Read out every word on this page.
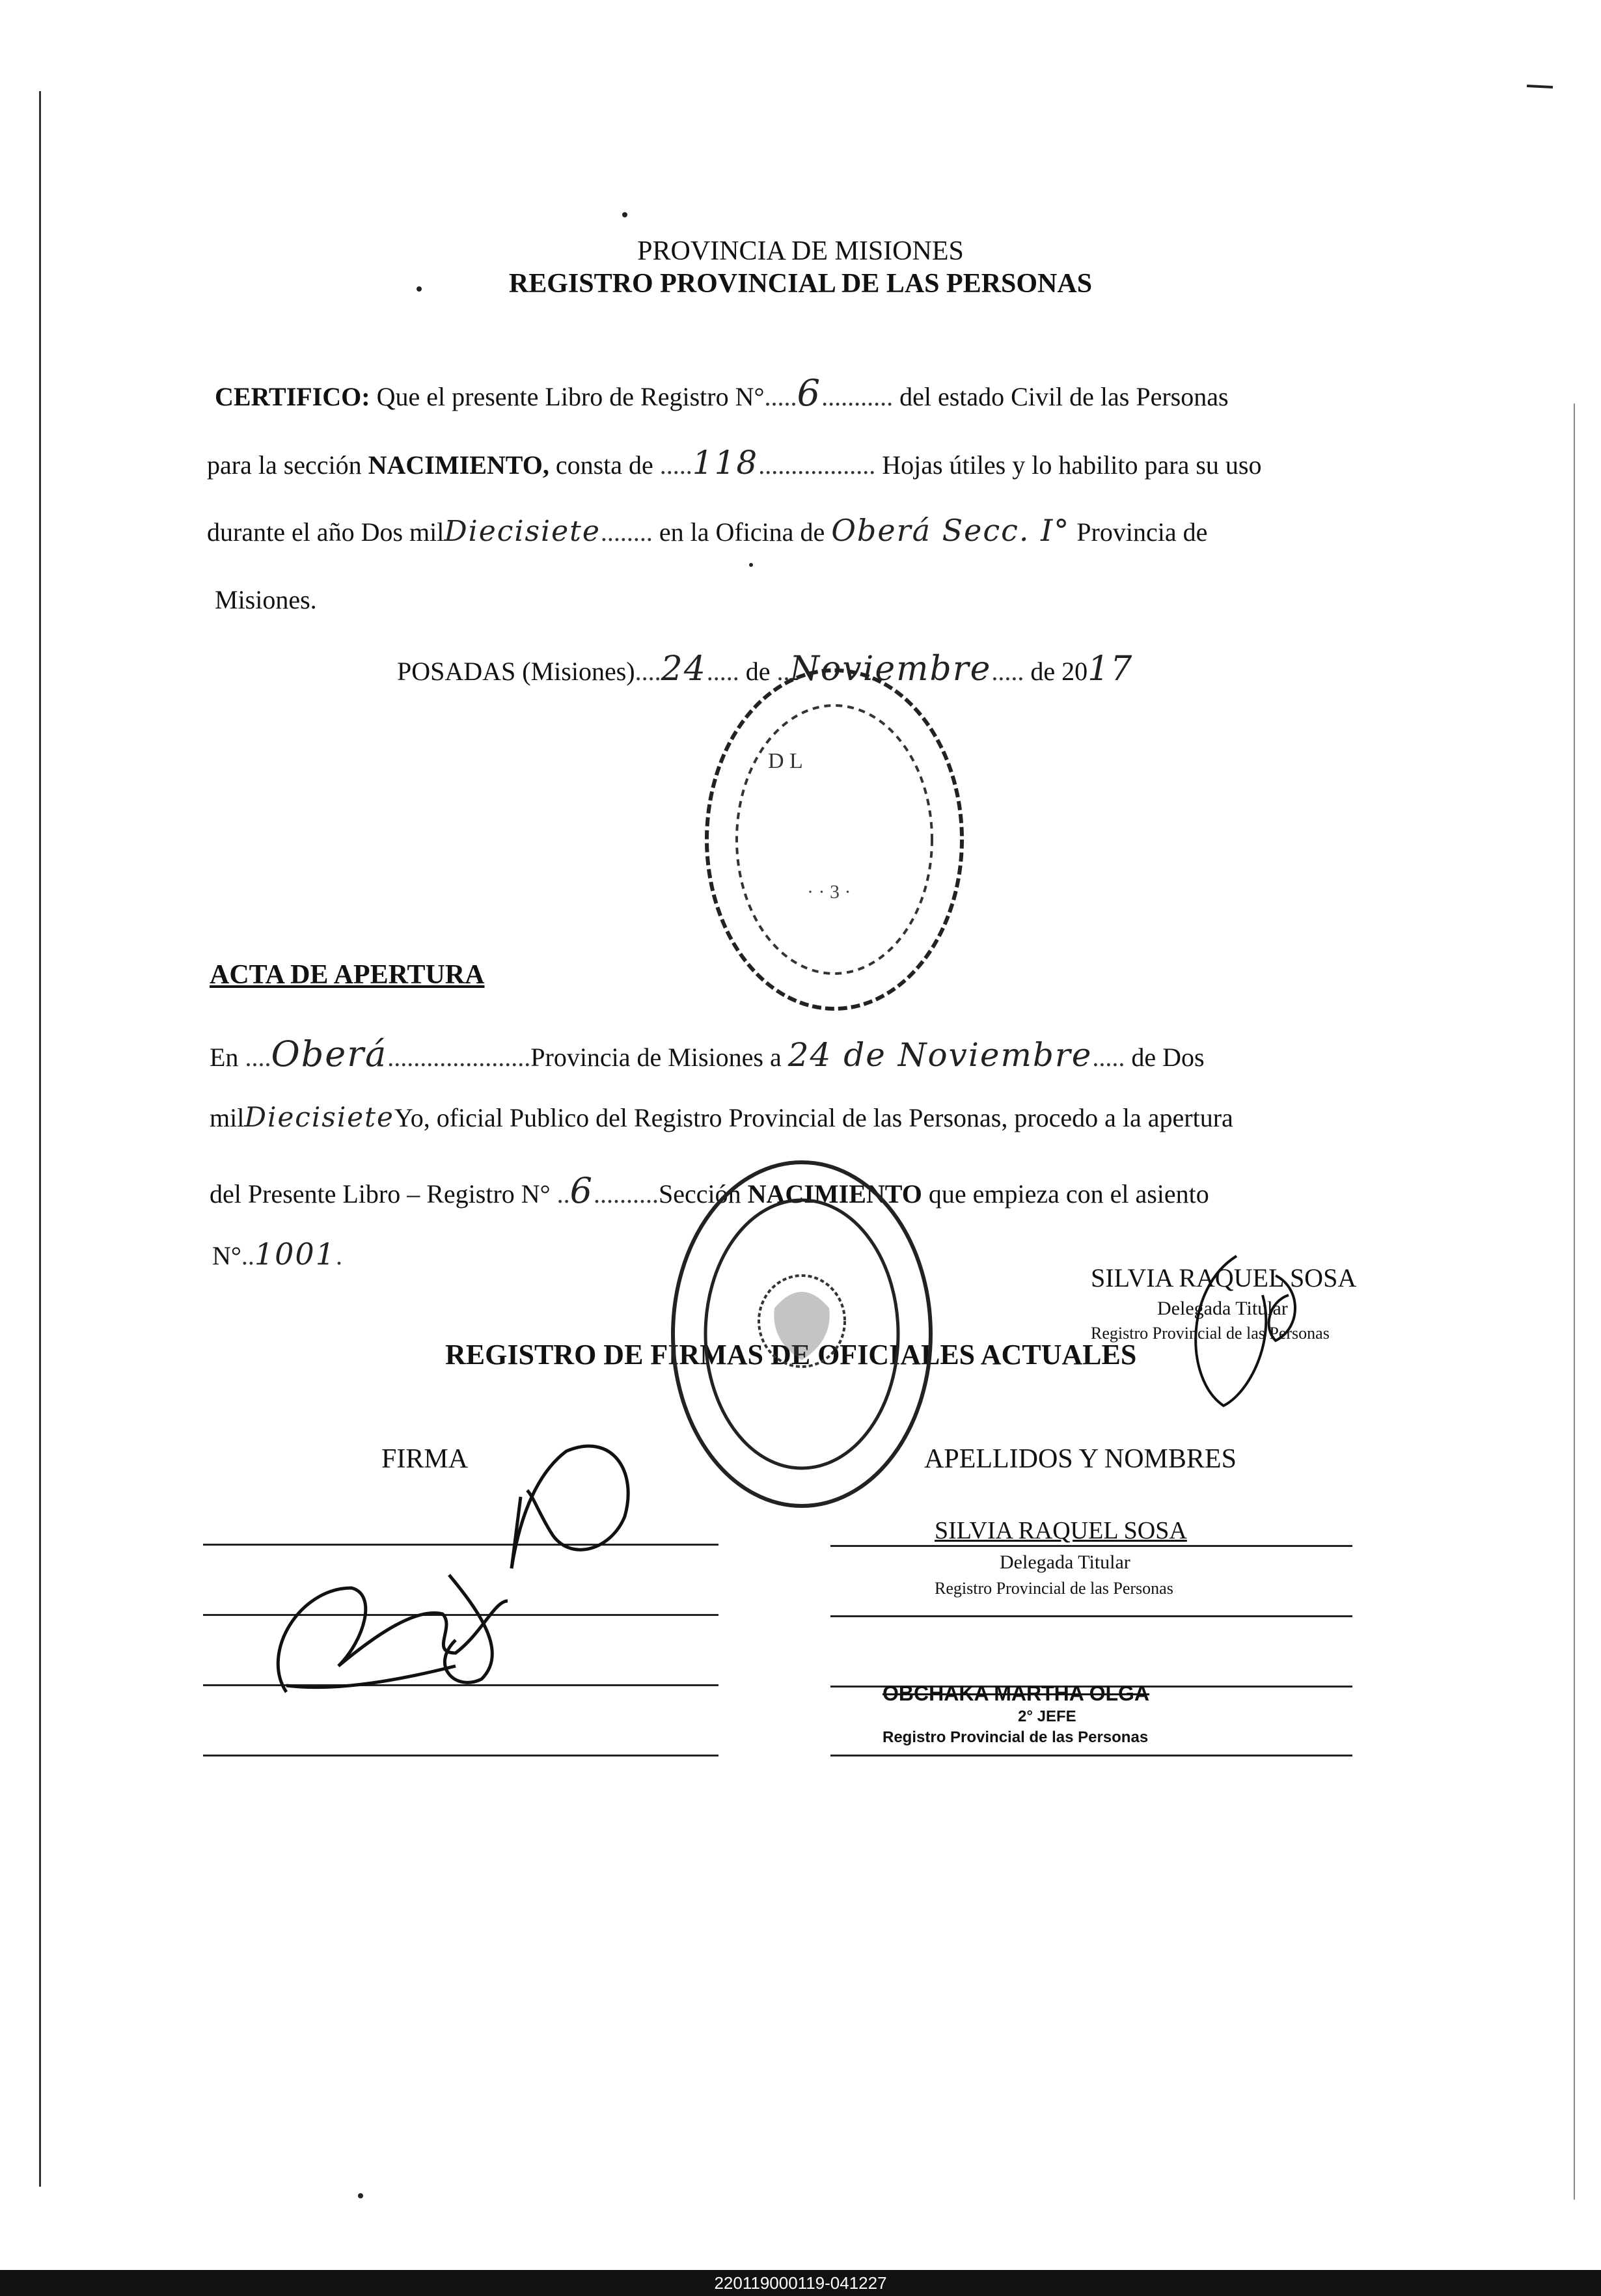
PROVINCIA DE MISIONES
REGISTRO PROVINCIAL DE LAS PERSONAS
CERTIFICO: Que el presente Libro de Registro N°.....6........... del estado Civil de las Personas
para la sección NACIMIENTO, consta de .....118.................. Hojas útiles y lo habilito para su uso
durante el año Dos milDiecisiete........ en la Oficina de Oberá Secc. I° Provincia de
Misiones.
POSADAS (Misiones)....24..... de ..Noviembre..... de 2017
ACTA DE APERTURA
En ....Oberá......................Provincia de Misiones a 24 de Noviembre..... de Dos
milDiecisieteYo, oficial Publico del Registro Provincial de las Personas, procedo a la apertura
del Presente Libro – Registro N° ..6..........Sección NACIMIENTO que empieza con el asiento
N°..1001.
SILVIA RAQUEL SOSA
Delegada Titular
Registro Provincial de las Personas
REGISTRO DE FIRMAS DE OFICIALES ACTUALES
FIRMA	APELLIDOS Y NOMBRES
SILVIA RAQUEL SOSA
Delegada Titular
Registro Provincial de las Personas
OBCHAKA MARTHA OLGA
2° JEFE
Registro Provincial de las Personas
D L
· · 3 ·
220119000119-041227
